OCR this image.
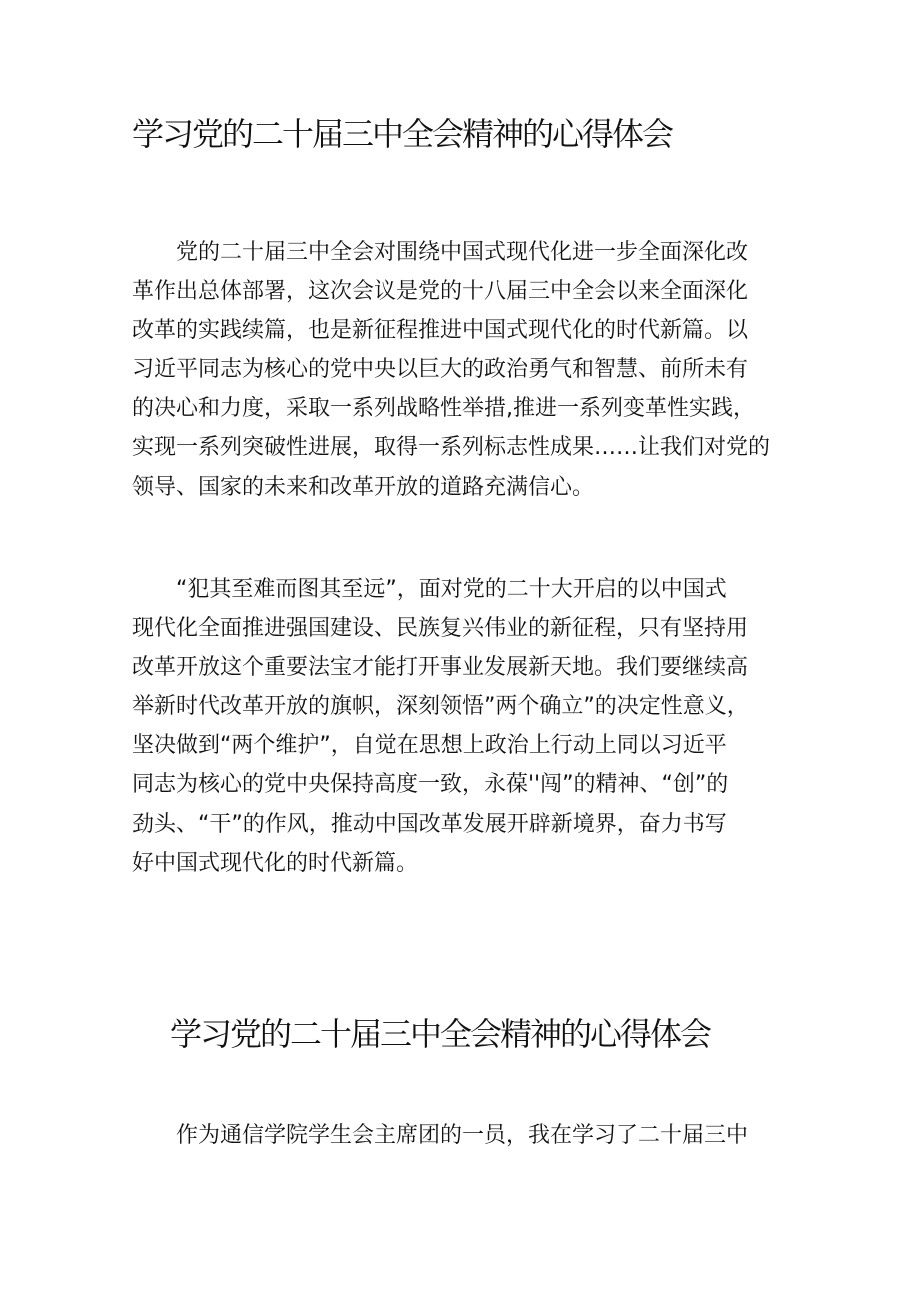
学习党的二十届三中全会精神的心得体会

　　党的二十届三中全会对围绕中国式现代化进一步全面深化改
革作出总体部署，这次会议是党的十八届三中全会以来全面深化
改革的实践续篇，也是新征程推进中国式现代化的时代新篇。以
习近平同志为核心的党中央以巨大的政治勇气和智慧、前所未有
的决心和力度，采取一系列战略性举措,推进一系列变革性实践，
实现一系列突破性进展，取得一系列标志性成果……让我们对党的
领导、国家的未来和改革开放的道路充满信心。

　　“犯其至难而图其至远”，面对党的二十大开启的以中国式
现代化全面推进强国建设、民族复兴伟业的新征程，只有坚持用
改革开放这个重要法宝才能打开事业发展新天地。我们要继续高
举新时代改革开放的旗帜，深刻领悟”两个确立”的决定性意义，
坚决做到“两个维护”，自觉在思想上政治上行动上同以习近平
同志为核心的党中央保持高度一致，永葆''闯”的精神、“创”的
劲头、“干”的作风，推动中国改革发展开辟新境界，奋力书写
好中国式现代化的时代新篇。

学习党的二十届三中全会精神的心得体会

　　作为通信学院学生会主席团的一员，我在学习了二十届三中
